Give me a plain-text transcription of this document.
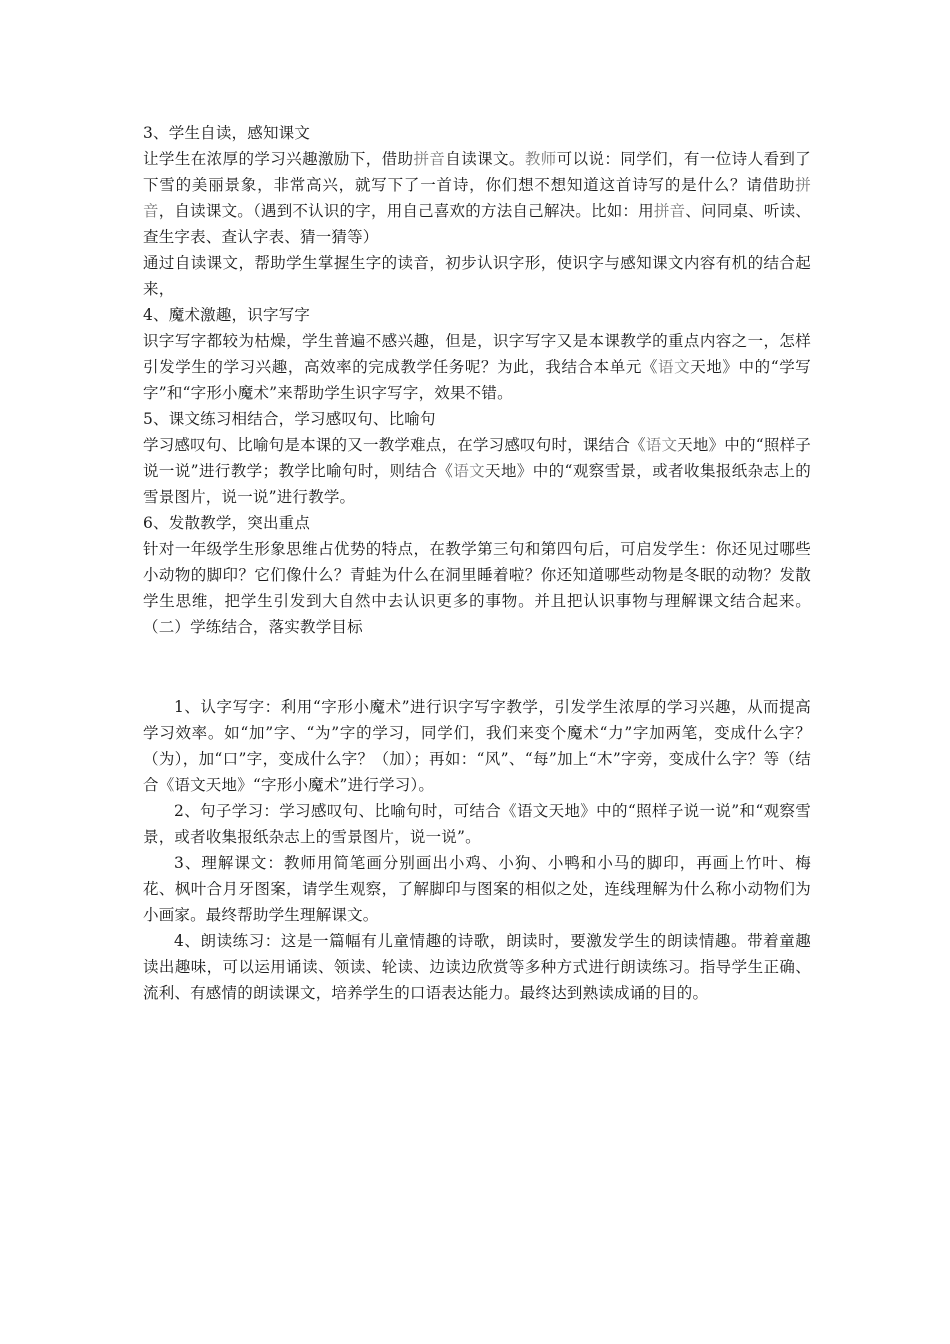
3、学生自读，感知课文

让学生在浓厚的学习兴趣激励下，借助拼音自读课文。教师可以说：同学们，有一位诗人看到了下雪的美丽景象，非常高兴，就写下了一首诗，你们想不想知道这首诗写的是什么？请借助拼音，自读课文。（遇到不认识的字，用自己喜欢的方法自己解决。比如：用拼音、问同桌、听读、查生字表、查认字表、猜一猜等）

通过自读课文，帮助学生掌握生字的读音，初步认识字形，使识字与感知课文内容有机的结合起来，

4、魔术激趣，识字写字

识字写字都较为枯燥，学生普遍不感兴趣，但是，识字写字又是本课教学的重点内容之一，怎样引发学生的学习兴趣，高效率的完成教学任务呢？为此，我结合本单元《语文天地》中的“学写字”和“字形小魔术”来帮助学生识字写字，效果不错。

5、课文练习相结合，学习感叹句、比喻句

学习感叹句、比喻句是本课的又一教学难点，在学习感叹句时，课结合《语文天地》中的“照样子说一说”进行教学；教学比喻句时，则结合《语文天地》中的“观察雪景，或者收集报纸杂志上的雪景图片，说一说”进行教学。

6、发散教学，突出重点

针对一年级学生形象思维占优势的特点，在教学第三句和第四句后，可启发学生：你还见过哪些小动物的脚印？它们像什么？青蛙为什么在洞里睡着啦？你还知道哪些动物是冬眠的动物？发散学生思维，把学生引发到大自然中去认识更多的事物。并且把认识事物与理解课文结合起来。（二）学练结合，落实教学目标

1、认字写字：利用“字形小魔术”进行识字写字教学，引发学生浓厚的学习兴趣，从而提高学习效率。如“加”字、“为”字的学习，同学们，我们来变个魔术“力”字加两笔，变成什么字？（为），加“口”字，变成什么字？（加）；再如：“风”、“每”加上“木”字旁，变成什么字？等（结合《语文天地》“字形小魔术”进行学习）。

2、句子学习：学习感叹句、比喻句时，可结合《语文天地》中的“照样子说一说”和“观察雪景，或者收集报纸杂志上的雪景图片，说一说”。

3、理解课文：教师用简笔画分别画出小鸡、小狗、小鸭和小马的脚印，再画上竹叶、梅花、枫叶合月牙图案，请学生观察，了解脚印与图案的相似之处，连线理解为什么称小动物们为小画家。最终帮助学生理解课文。

4、朗读练习：这是一篇幅有儿童情趣的诗歌，朗读时，要激发学生的朗读情趣。带着童趣读出趣味，可以运用诵读、领读、轮读、边读边欣赏等多种方式进行朗读练习。指导学生正确、流利、有感情的朗读课文，培养学生的口语表达能力。最终达到熟读成诵的目的。
